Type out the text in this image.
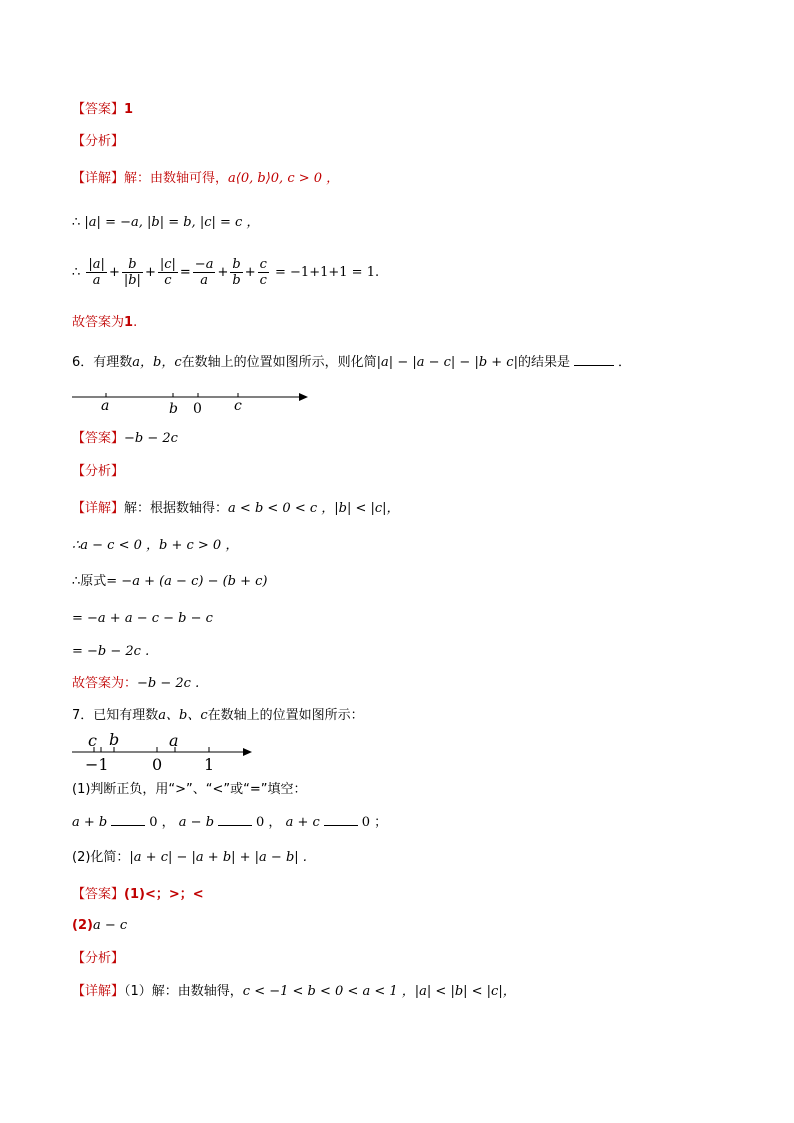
【答案】1
【分析】
【详解】解：由数轴可得，a⟨0, b⟩0, c > 0 ，
∴ |a| = −a, |b| = b, |c| = c ，
∴ $\frac{|a|}{a} + \frac{b}{|b|} + \frac{|c|}{c} = \frac{-a}{a} + \frac{b}{b} + \frac{c}{c} = -1+1+1 = 1$.
故答案为1.
6．有理数a，b，c在数轴上的位置如图所示，则化简|a| − |a − c| − |b + c|的结果是	．
a	b 0 c
【答案】−b − 2c
【分析】
【详解】解：根据数轴得：a < b < 0 < c ，|b| < |c|，
∴a − c < 0 ，b + c > 0 ，
∴原式= −a + (a − c) − (b + c)
= −a + a − c − b − c
= −b − 2c .
故答案为：−b − 2c .
7．已知有理数a、b、c在数轴上的位置如图所示：
c b	a
−1	0	1
(1)判断正负，用“>”、“<”或“=”填空：
a + b	0 ， a − b	0 ， a + c	0 ；
(2)化简：|a + c| − |a + b| + |a − b| .
【答案】(1)<；>；<
(2)a − c
【分析】
【详解】（1）解：由数轴得，c < −1 < b < 0 < a < 1 ，|a| < |b| < |c|，
